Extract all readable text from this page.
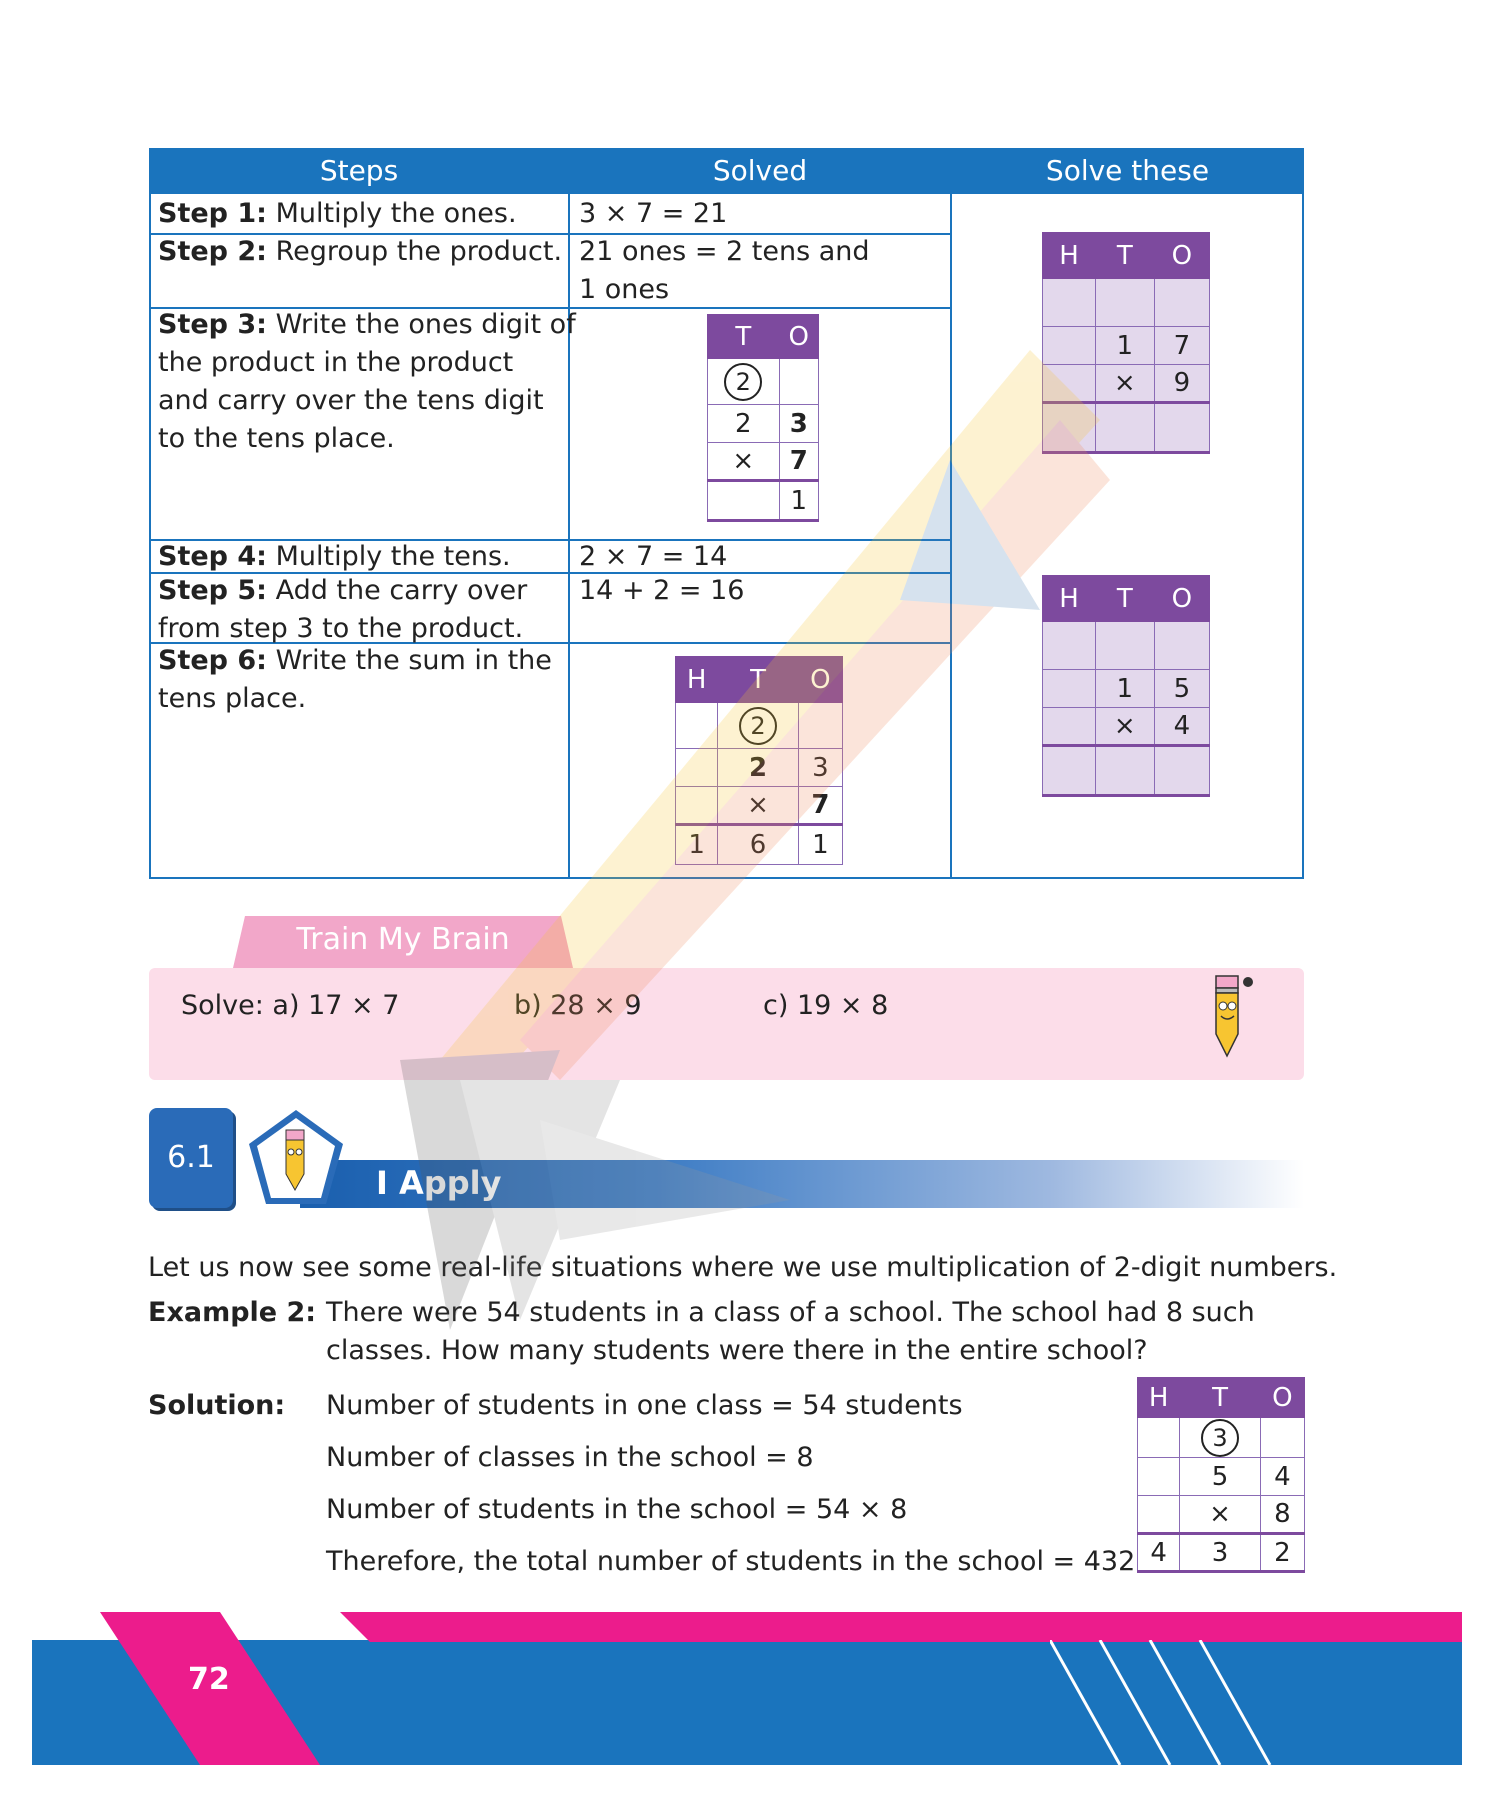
Steps	Solved	Solve these
Step 1: Multiply the ones. 3 × 7 = 21
Step 2: Regroup the product. 21 ones = 2 tens and
1 ones
Step 3: Write the ones digit of
the product in the product
and carry over the tens digit
to the tens place.
T	O
2	
2	3
×	7
	1
Step 4: Multiply the tens.	2 × 7 = 14
Step 5: Add the carry over
from step 3 to the product.
14 + 2 = 16
Step 6: Write the sum in the
tens place.
H	T	O
	2	
	2	3
	×	7
1	6	1
H	T	O

	1	7
	×	9

H	T	O

	1	5
	×	4

Train My Brain
Solve: a) 17 × 7	b) 28 × 9	c) 19 × 8
6.1
I Apply
Let us now see some real-life situations where we use multiplication of 2-digit numbers.
Example 2: There were 54 students in a class of a school. The school had 8 such
classes. How many students were there in the entire school?
Solution: Number of students in one class = 54 students
Number of classes in the school = 8
Number of students in the school = 54 × 8
Therefore, the total number of students in the school = 432
H	T	O
	3	
	5	4
	×	8
4	3	2
72
